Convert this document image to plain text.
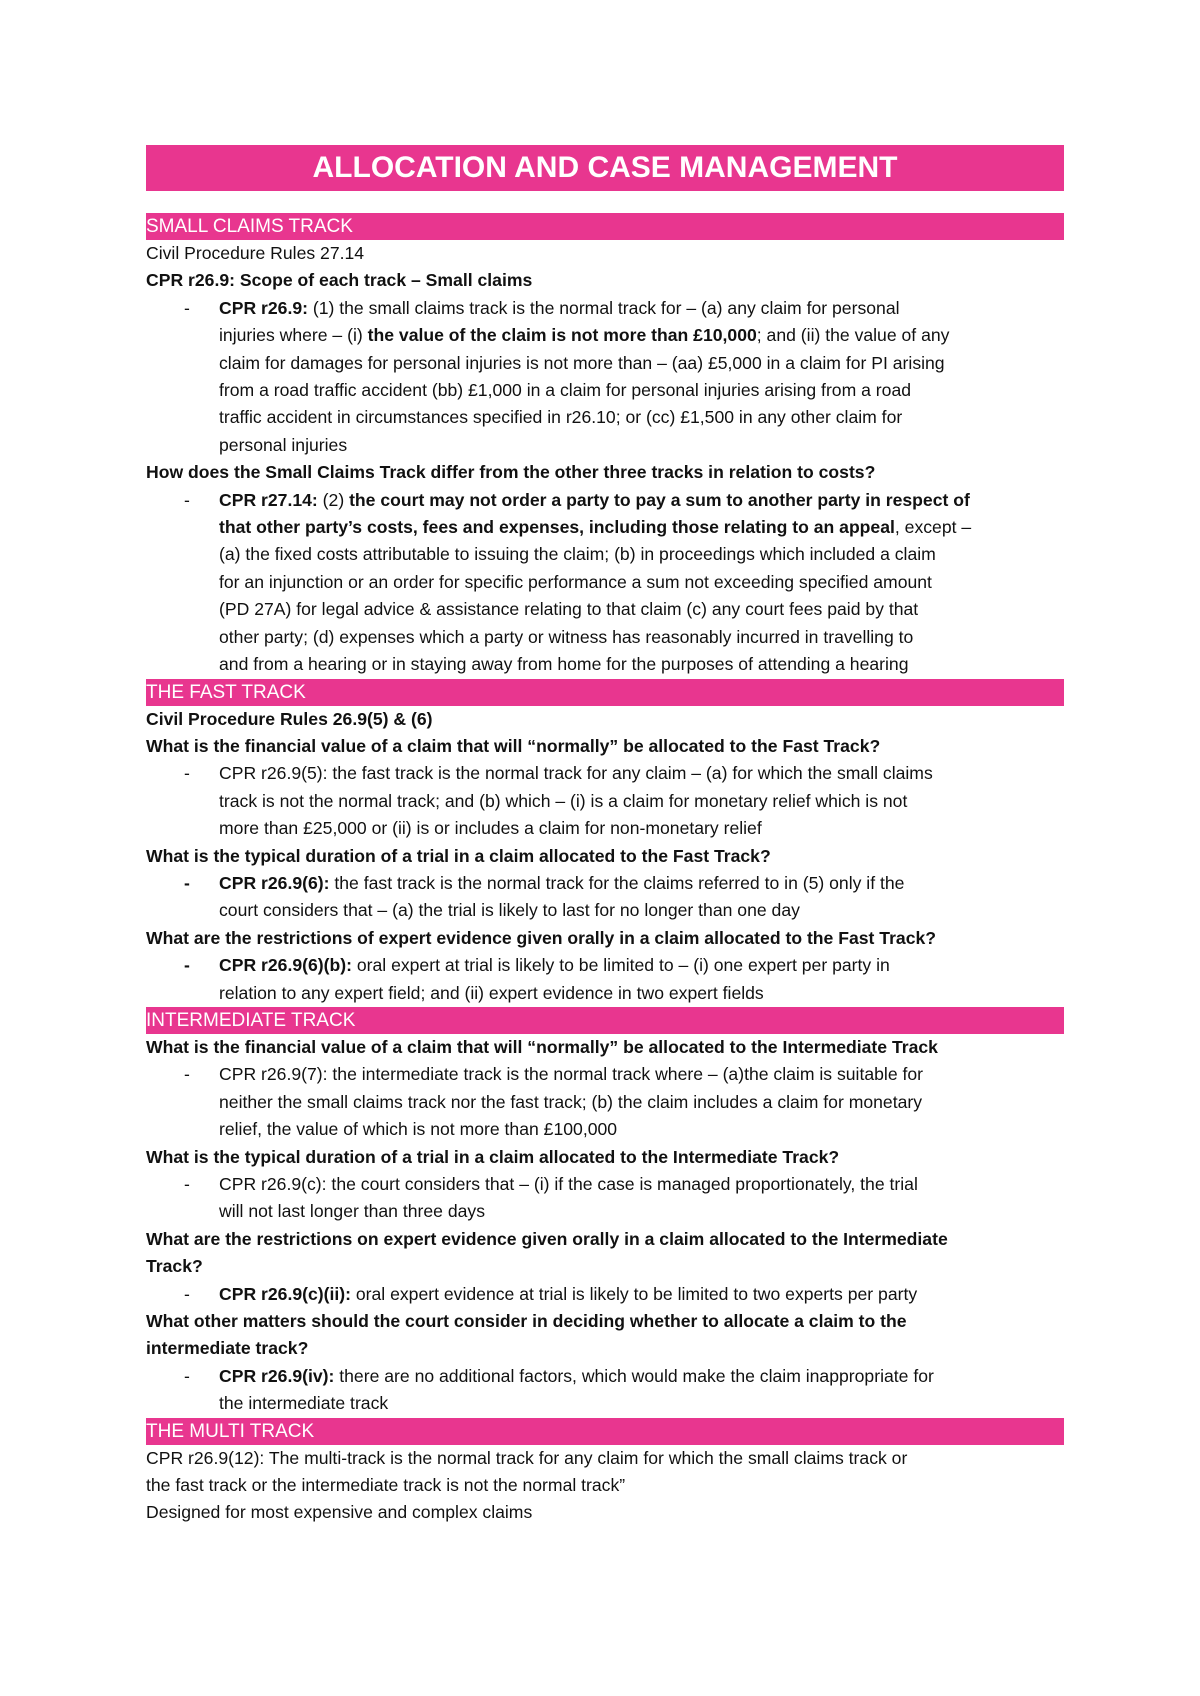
ALLOCATION AND CASE MANAGEMENT
SMALL CLAIMS TRACK
Civil Procedure Rules 27.14
CPR r26.9: Scope of each track – Small claims
- CPR r26.9: (1) the small claims track is the normal track for – (a) any claim for personal
injuries where – (i) the value of the claim is not more than £10,000; and (ii) the value of any
claim for damages for personal injuries is not more than – (aa) £5,000 in a claim for PI arising
from a road traffic accident (bb) £1,000 in a claim for personal injuries arising from a road
traffic accident in circumstances specified in r26.10; or (cc) £1,500 in any other claim for
personal injuries
How does the Small Claims Track differ from the other three tracks in relation to costs?
- CPR r27.14: (2) the court may not order a party to pay a sum to another party in respect of
that other party’s costs, fees and expenses, including those relating to an appeal, except –
(a) the fixed costs attributable to issuing the claim; (b) in proceedings which included a claim
for an injunction or an order for specific performance a sum not exceeding specified amount
(PD 27A) for legal advice & assistance relating to that claim (c) any court fees paid by that
other party; (d) expenses which a party or witness has reasonably incurred in travelling to
and from a hearing or in staying away from home for the purposes of attending a hearing
THE FAST TRACK
Civil Procedure Rules 26.9(5) & (6)
What is the financial value of a claim that will “normally” be allocated to the Fast Track?
- CPR r26.9(5): the fast track is the normal track for any claim – (a) for which the small claims
track is not the normal track; and (b) which – (i) is a claim for monetary relief which is not
more than £25,000 or (ii) is or includes a claim for non-monetary relief
What is the typical duration of a trial in a claim allocated to the Fast Track?
- CPR r26.9(6): the fast track is the normal track for the claims referred to in (5) only if the
court considers that – (a) the trial is likely to last for no longer than one day
What are the restrictions of expert evidence given orally in a claim allocated to the Fast Track?
- CPR r26.9(6)(b): oral expert at trial is likely to be limited to – (i) one expert per party in
relation to any expert field; and (ii) expert evidence in two expert fields
INTERMEDIATE TRACK
What is the financial value of a claim that will “normally” be allocated to the Intermediate Track
- CPR r26.9(7): the intermediate track is the normal track where – (a)the claim is suitable for
neither the small claims track nor the fast track; (b) the claim includes a claim for monetary
relief, the value of which is not more than £100,000
What is the typical duration of a trial in a claim allocated to the Intermediate Track?
- CPR r26.9(c): the court considers that – (i) if the case is managed proportionately, the trial
will not last longer than three days
What are the restrictions on expert evidence given orally in a claim allocated to the Intermediate
Track?
- CPR r26.9(c)(ii): oral expert evidence at trial is likely to be limited to two experts per party
What other matters should the court consider in deciding whether to allocate a claim to the
intermediate track?
- CPR r26.9(iv): there are no additional factors, which would make the claim inappropriate for
the intermediate track
THE MULTI TRACK
CPR r26.9(12): The multi-track is the normal track for any claim for which the small claims track or
the fast track or the intermediate track is not the normal track”
Designed for most expensive and complex claims
